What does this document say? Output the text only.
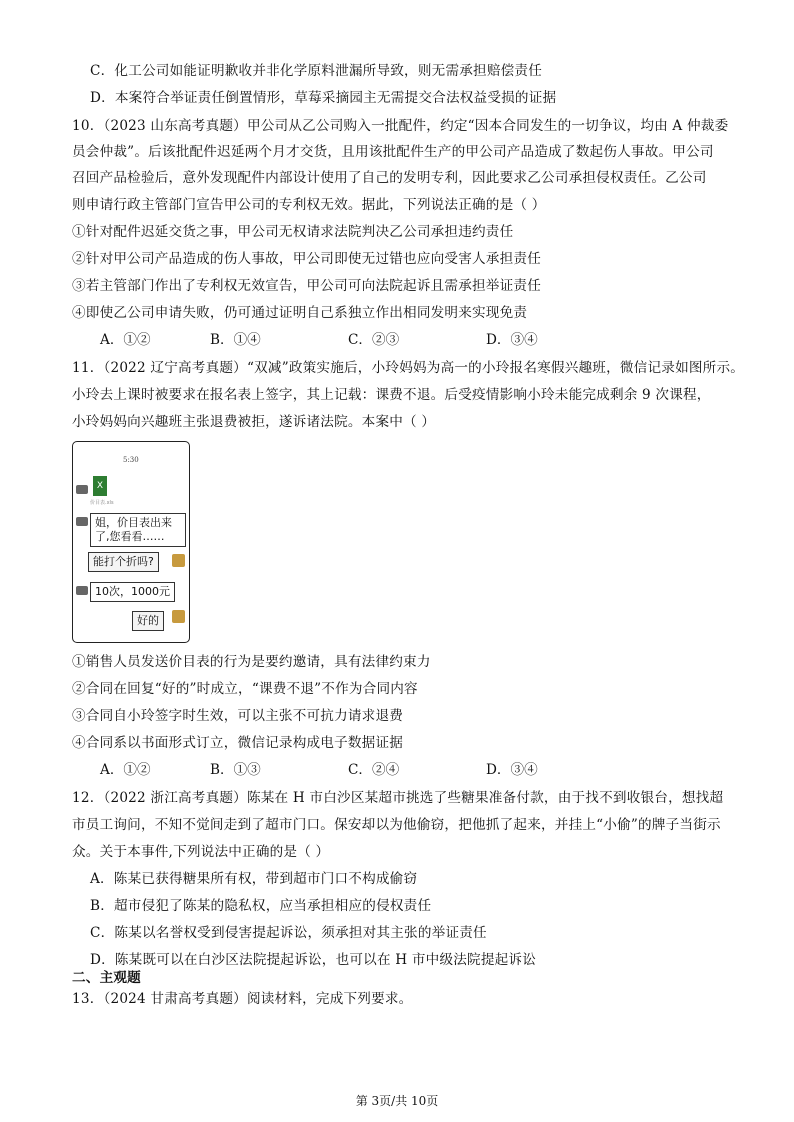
C．化工公司如能证明歉收并非化学原料泄漏所导致，则无需承担赔偿责任
D．本案符合举证责任倒置情形，草莓采摘园主无需提交合法权益受损的证据
10．（2023 山东高考真题）甲公司从乙公司购入一批配件，约定“因本合同发生的一切争议，均由 A 仲裁委
员会仲裁”。后该批配件迟延两个月才交货，且用该批配件生产的甲公司产品造成了数起伤人事故。甲公司
召回产品检验后，意外发现配件内部设计使用了自己的发明专利，因此要求乙公司承担侵权责任。乙公司
则申请行政主管部门宣告甲公司的专利权无效。据此，下列说法正确的是（ ）
①针对配件迟延交货之事，甲公司无权请求法院判决乙公司承担违约责任
②针对甲公司产品造成的伤人事故，甲公司即使无过错也应向受害人承担责任
③若主管部门作出了专利权无效宣告，甲公司可向法院起诉且需承担举证责任
④即使乙公司申请失败，仍可通过证明自己系独立作出相同发明来实现免责
A．①②	B．①④	C．②③	D．③④
11．（2022 辽宁高考真题）“双减”政策实施后，小玲妈妈为高一的小玲报名寒假兴趣班，微信记录如图所示。
小玲去上课时被要求在报名表上签字，其上记载：课费不退。后受疫情影响小玲未能完成剩余 9 次课程，
小玲妈妈向兴趣班主张退费被拒，遂诉诸法院。本案中（ ）
5:30
X
价目表.xls
姐，价目表出来
了,您看看……
能打个折吗?
10次，1000元
好的
①销售人员发送价目表的行为是要约邀请，具有法律约束力
②合同在回复“好的”时成立，“课费不退”不作为合同内容
③合同自小玲签字时生效，可以主张不可抗力请求退费
④合同系以书面形式订立，微信记录构成电子数据证据
A．①②	B．①③	C．②④	D．③④
12．（2022 浙江高考真题）陈某在 H 市白沙区某超市挑选了些糖果准备付款，由于找不到收银台，想找超
市员工询问，不知不觉间走到了超市门口。保安却以为他偷窃，把他抓了起来，并挂上“小偷”的牌子当街示
众。关于本事件,下列说法中正确的是（ ）
A．陈某已获得糖果所有权，带到超市门口不构成偷窃
B．超市侵犯了陈某的隐私权，应当承担相应的侵权责任
C．陈某以名誉权受到侵害提起诉讼，须承担对其主张的举证责任
D．陈某既可以在白沙区法院提起诉讼，也可以在 H 市中级法院提起诉讼
二、主观题
13．（2024 甘肃高考真题）阅读材料，完成下列要求。
第 3页/共 10页
